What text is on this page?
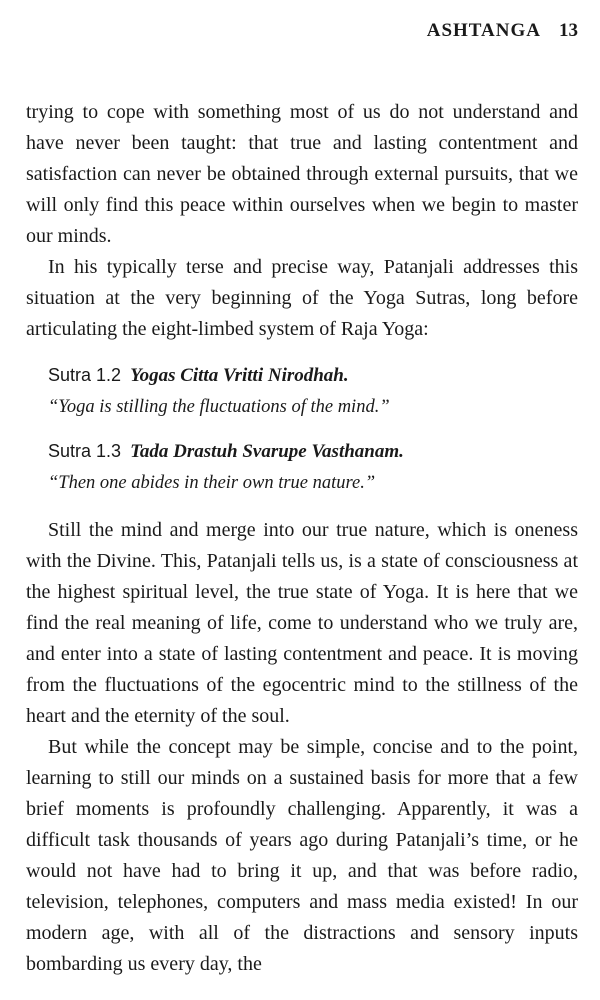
ASHTANGA 13

trying to cope with something most of us do not understand and have never been taught: that true and lasting contentment and satisfaction can never be obtained through external pursuits, that we will only find this peace within ourselves when we begin to master our minds.

In his typically terse and precise way, Patanjali addresses this situation at the very beginning of the Yoga Sutras, long before articulating the eight-limbed system of Raja Yoga:

Sutra 1.2 Yogas Citta Vritti Nirodhah.
“Yoga is stilling the fluctuations of the mind.”
Sutra 1.3 Tada Drastuh Svarupe Vasthanam.
“Then one abides in their own true nature.”

Still the mind and merge into our true nature, which is oneness with the Divine. This, Patanjali tells us, is a state of consciousness at the highest spiritual level, the true state of Yoga. It is here that we find the real meaning of life, come to understand who we truly are, and enter into a state of lasting contentment and peace. It is moving from the fluctuations of the egocentric mind to the stillness of the heart and the eternity of the soul.

But while the concept may be simple, concise and to the point, learning to still our minds on a sustained basis for more that a few brief moments is profoundly challenging. Apparently, it was a difficult task thousands of years ago during Patanjali’s time, or he would not have had to bring it up, and that was before radio, television, telephones, computers and mass media existed! In our modern age, with all of the distractions and sensory inputs bombarding us every day, the
